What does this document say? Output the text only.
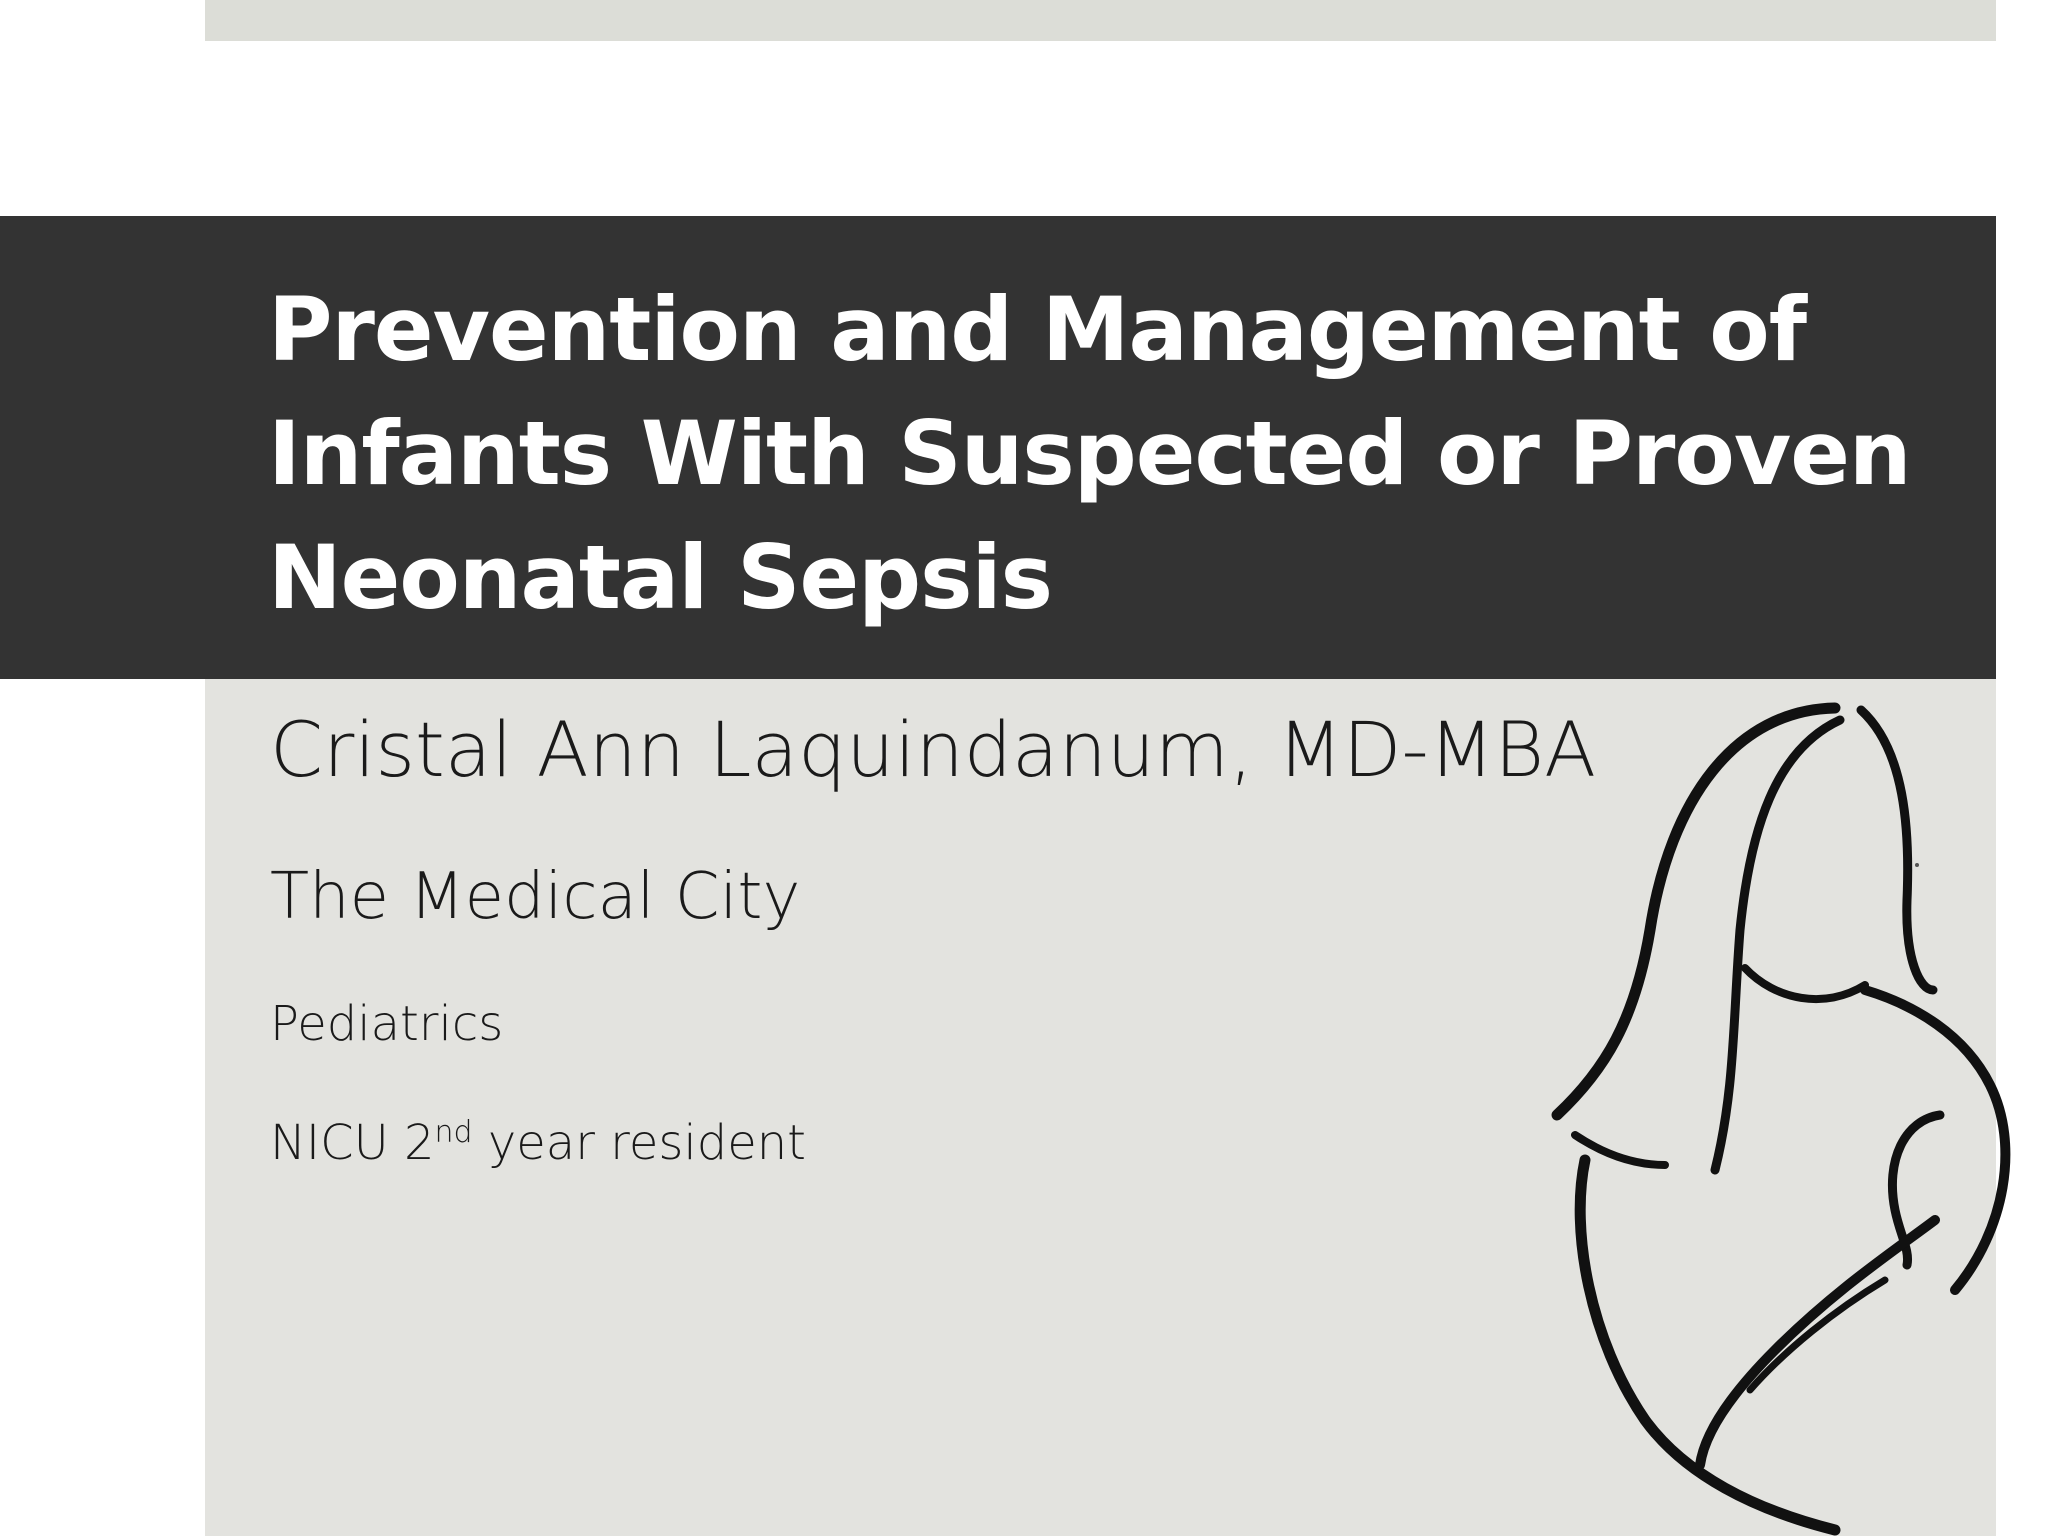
Prevention and Management of Infants With Suspected or Proven Neonatal Sepsis

Cristal Ann Laquindanum, MD-MBA

The Medical City

Pediatrics

NICU 2nd year resident
